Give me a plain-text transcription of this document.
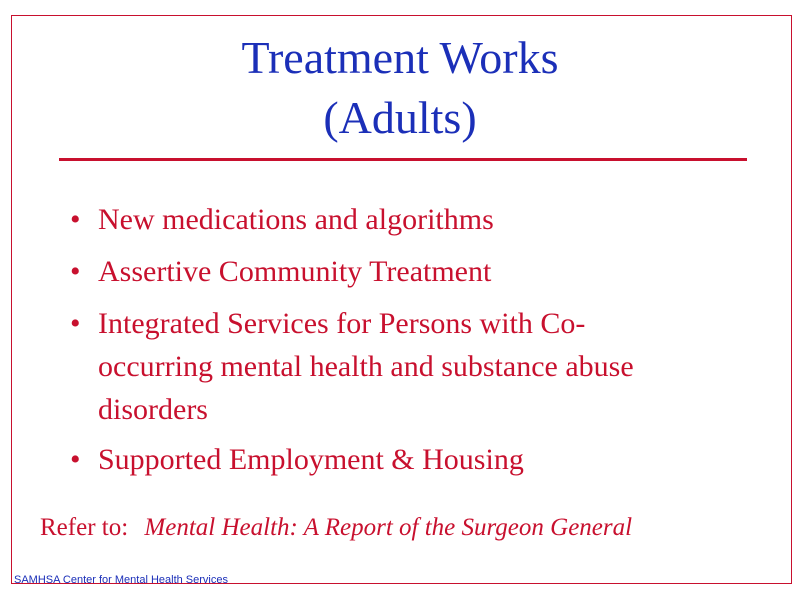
Treatment Works
(Adults)
• New medications and algorithms
• Assertive Community Treatment
• Integrated Services for Persons with Co-occurring mental health and substance abuse disorders
• Supported Employment & Housing
Refer to: Mental Health: A Report of the Surgeon General
SAMHSA Center for Mental Health Services
